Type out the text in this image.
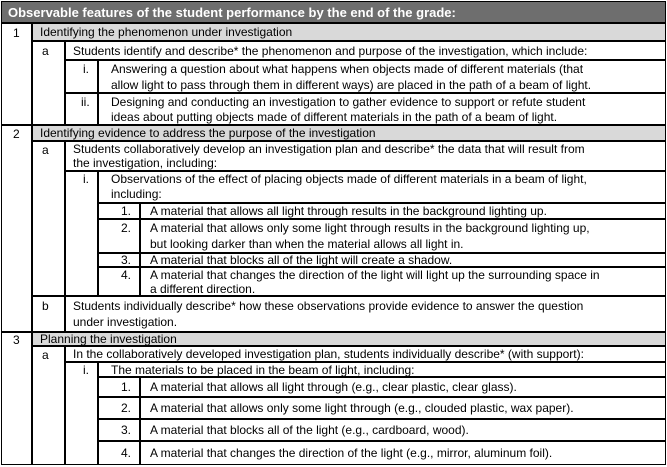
Observable features of the student performance by the end of the grade:
1 Identifying the phenomenon under investigation
a Students identify and describe* the phenomenon and purpose of the investigation, which include:
i. Answering a question about what happens when objects made of different materials (that
allow light to pass through them in different ways) are placed in the path of a beam of light.
ii. Designing and conducting an investigation to gather evidence to support or refute student
ideas about putting objects made of different materials in the path of a beam of light.
2 Identifying evidence to address the purpose of the investigation
a Students collaboratively develop an investigation plan and describe* the data that will result from
the investigation, including:
i. Observations of the effect of placing objects made of different materials in a beam of light,
including:
1. A material that allows all light through results in the background lighting up.
2. A material that allows only some light through results in the background lighting up,
but looking darker than when the material allows all light in.
3. A material that blocks all of the light will create a shadow.
4. A material that changes the direction of the light will light up the surrounding space in
a different direction.
b Students individually describe* how these observations provide evidence to answer the question
under investigation.
3 Planning the investigation
a In the collaboratively developed investigation plan, students individually describe* (with support):
i. The materials to be placed in the beam of light, including:
1. A material that allows all light through (e.g., clear plastic, clear glass).
2. A material that allows only some light through (e.g., clouded plastic, wax paper).
3. A material that blocks all of the light (e.g., cardboard, wood).
4. A material that changes the direction of the light (e.g., mirror, aluminum foil).
